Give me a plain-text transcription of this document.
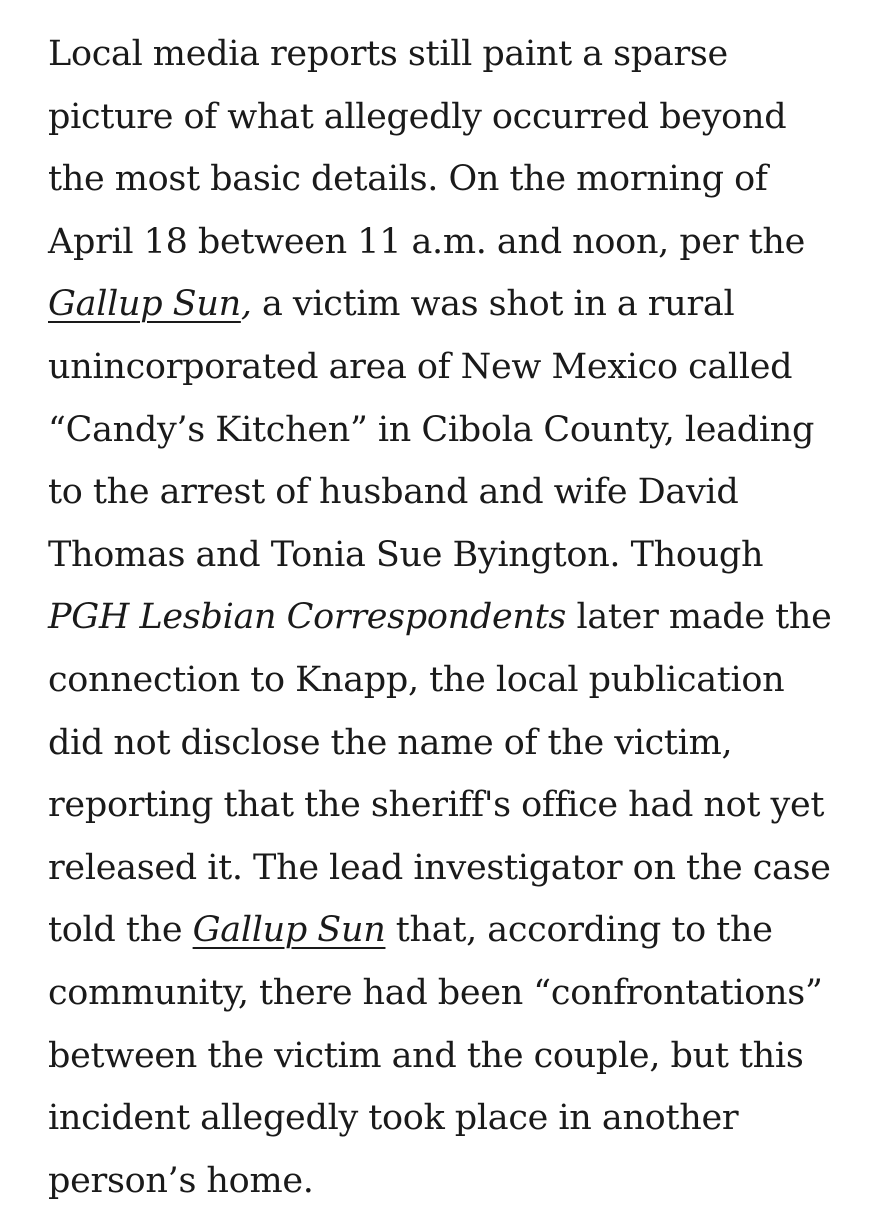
Local media reports still paint a sparse
picture of what allegedly occurred beyond
the most basic details. On the morning of
April 18 between 11 a.m. and noon, per the
Gallup Sun, a victim was shot in a rural
unincorporated area of New Mexico called
“Candy’s Kitchen” in Cibola County, leading
to the arrest of husband and wife David
Thomas and Tonia Sue Byington. Though
PGH Lesbian Correspondents later made the
connection to Knapp, the local publication
did not disclose the name of the victim,
reporting that the sheriff's office had not yet
released it. The lead investigator on the case
told the Gallup Sun that, according to the
community, there had been “confrontations”
between the victim and the couple, but this
incident allegedly took place in another
person’s home.
